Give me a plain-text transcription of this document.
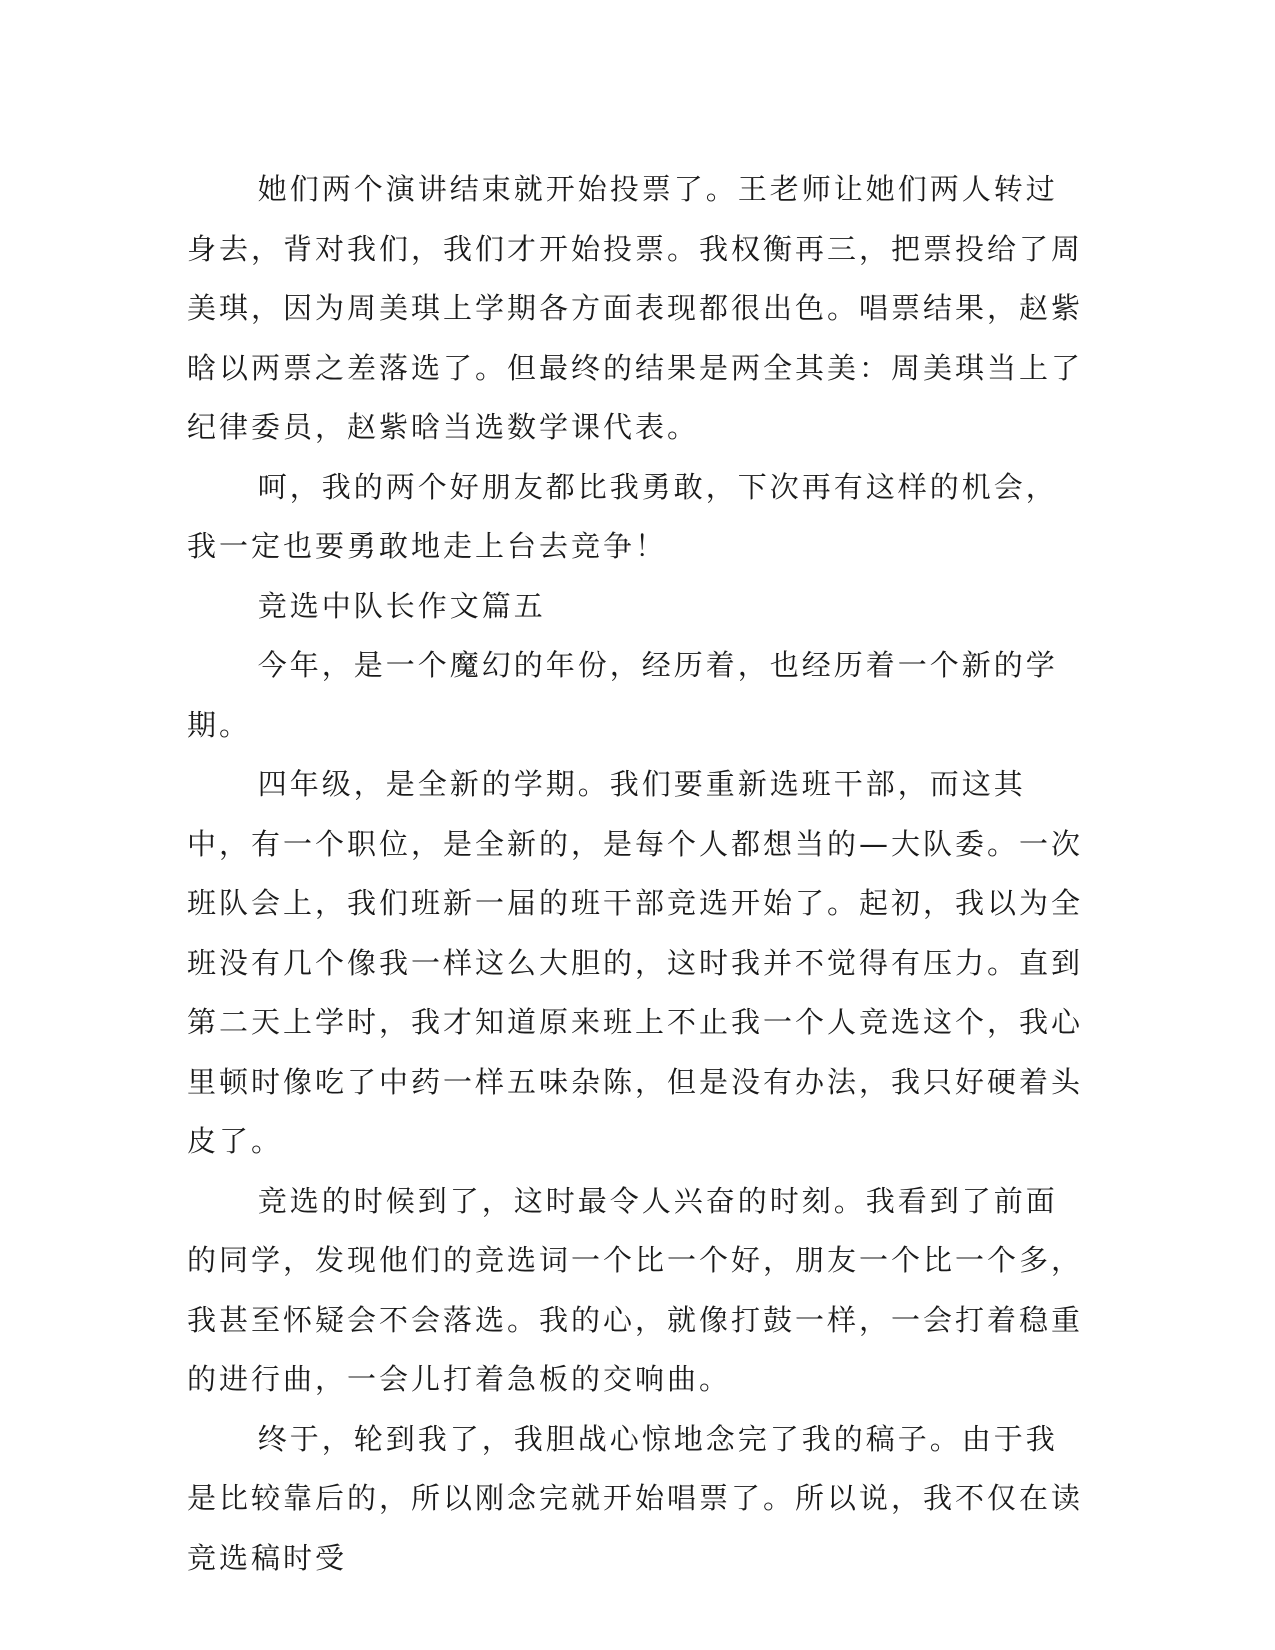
她们两个演讲结束就开始投票了。王老师让她们两人转过身去，背对我们，我们才开始投票。我权衡再三，把票投给了周美琪，因为周美琪上学期各方面表现都很出色。唱票结果，赵紫晗以两票之差落选了。但最终的结果是两全其美：周美琪当上了纪律委员，赵紫晗当选数学课代表。

呵，我的两个好朋友都比我勇敢，下次再有这样的机会，我一定也要勇敢地走上台去竞争！

竞选中队长作文篇五

今年，是一个魔幻的年份，经历着，也经历着一个新的学期。

四年级，是全新的学期。我们要重新选班干部，而这其中，有一个职位，是全新的，是每个人都想当的—大队委。一次班队会上，我们班新一届的班干部竞选开始了。起初，我以为全班没有几个像我一样这么大胆的，这时我并不觉得有压力。直到第二天上学时，我才知道原来班上不止我一个人竞选这个，我心里顿时像吃了中药一样五味杂陈，但是没有办法，我只好硬着头皮了。

竞选的时候到了，这时最令人兴奋的时刻。我看到了前面的同学，发现他们的竞选词一个比一个好，朋友一个比一个多，我甚至怀疑会不会落选。我的心，就像打鼓一样，一会打着稳重的进行曲，一会儿打着急板的交响曲。

终于，轮到我了，我胆战心惊地念完了我的稿子。由于我是比较靠后的，所以刚念完就开始唱票了。所以说，我不仅在读竞选稿时受
